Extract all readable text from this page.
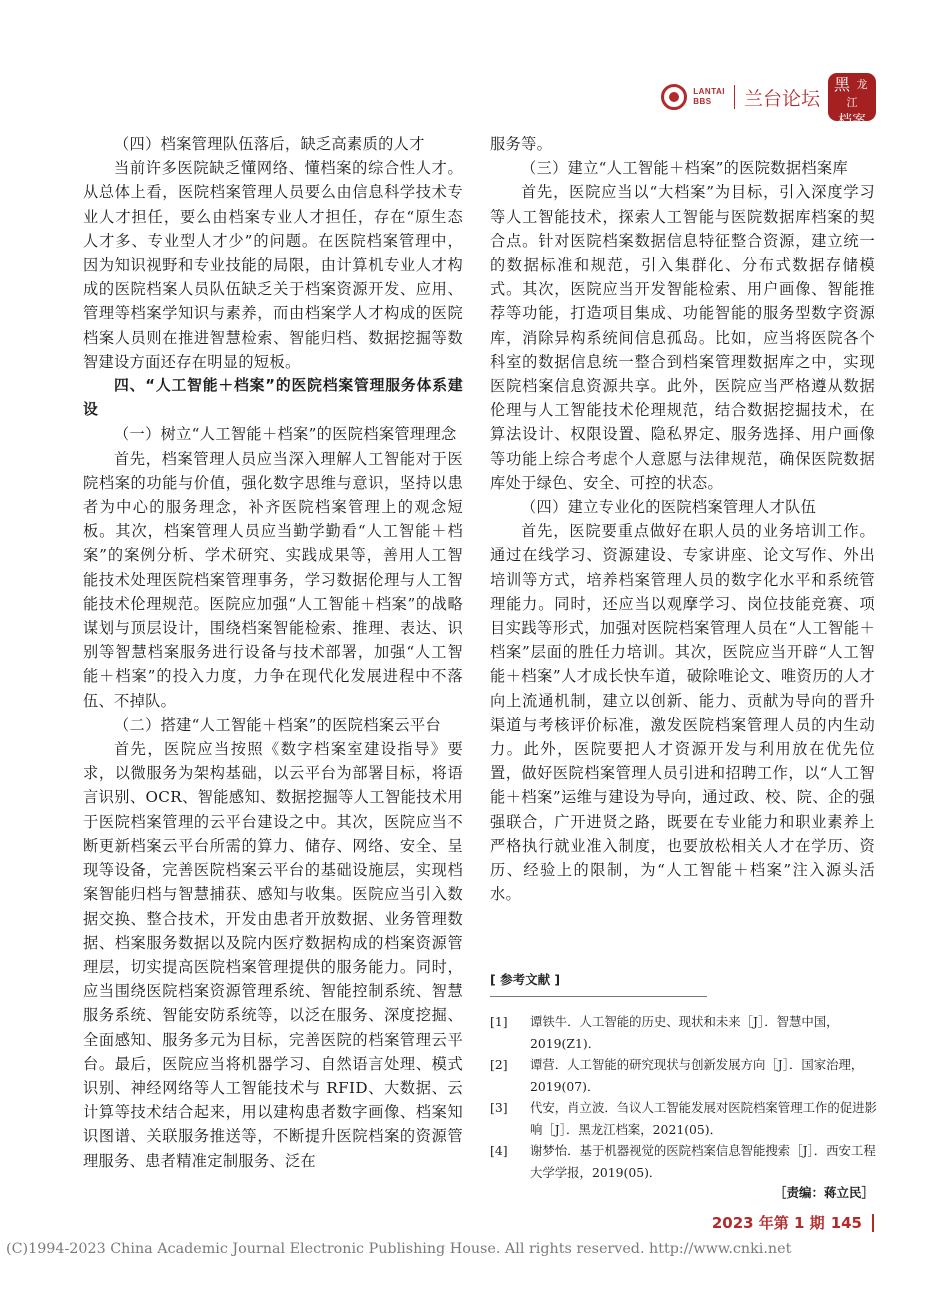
LANTAI
BBS	兰台论坛
黑 龙
江
档案

（四）档案管理队伍落后，缺乏高素质的人才

当前许多医院缺乏懂网络、懂档案的综合性人才。从总体上看，医院档案管理人员要么由信息科学技术专业人才担任，要么由档案专业人才担任，存在“原生态人才多、专业型人才少”的问题。在医院档案管理中，因为知识视野和专业技能的局限，由计算机专业人才构成的医院档案人员队伍缺乏关于档案资源开发、应用、管理等档案学知识与素养，而由档案学人才构成的医院档案人员则在推进智慧检索、智能归档、数据挖掘等数智建设方面还存在明显的短板。

四、“人工智能＋档案”的医院档案管理服务体系建设

（一）树立“人工智能＋档案”的医院档案管理理念

首先，档案管理人员应当深入理解人工智能对于医院档案的功能与价值，强化数字思维与意识，坚持以患者为中心的服务理念，补齐医院档案管理上的观念短板。其次，档案管理人员应当勤学勤看“人工智能＋档案”的案例分析、学术研究、实践成果等，善用人工智能技术处理医院档案管理事务，学习数据伦理与人工智能技术伦理规范。医院应加强“人工智能＋档案”的战略谋划与顶层设计，围绕档案智能检索、推理、表达、识别等智慧档案服务进行设备与技术部署，加强“人工智能＋档案”的投入力度，力争在现代化发展进程中不落伍、不掉队。

（二）搭建“人工智能＋档案”的医院档案云平台

首先，医院应当按照《数字档案室建设指导》要求，以微服务为架构基础，以云平台为部署目标，将语言识别、OCR、智能感知、数据挖掘等人工智能技术用于医院档案管理的云平台建设之中。其次，医院应当不断更新档案云平台所需的算力、储存、网络、安全、呈现等设备，完善医院档案云平台的基础设施层，实现档案智能归档与智慧捕获、感知与收集。医院应当引入数据交换、整合技术，开发由患者开放数据、业务管理数据、档案服务数据以及院内医疗数据构成的档案资源管理层，切实提高医院档案管理提供的服务能力。同时，应当围绕医院档案资源管理系统、智能控制系统、智慧服务系统、智能安防系统等，以泛在服务、深度挖掘、全面感知、服务多元为目标，完善医院的档案管理云平台。最后，医院应当将机器学习、自然语言处理、模式识别、神经网络等人工智能技术与 RFID、大数据、云计算等技术结合起来，用以建构患者数字画像、档案知识图谱、关联服务推送等，不断提升医院档案的资源管理服务、患者精准定制服务、泛在

服务等。

（三）建立“人工智能＋档案”的医院数据档案库

首先，医院应当以“大档案”为目标，引入深度学习等人工智能技术，探索人工智能与医院数据库档案的契合点。针对医院档案数据信息特征整合资源，建立统一的数据标准和规范，引入集群化、分布式数据存储模式。其次，医院应当开发智能检索、用户画像、智能推荐等功能，打造项目集成、功能智能的服务型数字资源库，消除异构系统间信息孤岛。比如，应当将医院各个科室的数据信息统一整合到档案管理数据库之中，实现医院档案信息资源共享。此外，医院应当严格遵从数据伦理与人工智能技术伦理规范，结合数据挖掘技术，在算法设计、权限设置、隐私界定、服务选择、用户画像等功能上综合考虑个人意愿与法律规范，确保医院数据库处于绿色、安全、可控的状态。

（四）建立专业化的医院档案管理人才队伍

首先，医院要重点做好在职人员的业务培训工作。通过在线学习、资源建设、专家讲座、论文写作、外出培训等方式，培养档案管理人员的数字化水平和系统管理能力。同时，还应当以观摩学习、岗位技能竞赛、项目实践等形式，加强对医院档案管理人员在“人工智能＋档案”层面的胜任力培训。其次，医院应当开辟“人工智能＋档案”人才成长快车道，破除唯论文、唯资历的人才向上流通机制，建立以创新、能力、贡献为导向的晋升渠道与考核评价标准，激发医院档案管理人员的内生动力。此外，医院要把人才资源开发与利用放在优先位置，做好医院档案管理人员引进和招聘工作，以“人工智能＋档案”运维与建设为导向，通过政、校、院、企的强强联合，广开进贤之路，既要在专业能力和职业素养上严格执行就业准入制度，也要放松相关人才在学历、资历、经验上的限制，为“人工智能＋档案”注入源头活水。

[ 参考文献 ]
[1]	谭铁牛．人工智能的历史、现状和未来［J］．智慧中国，2019(Z1)．
[2]	谭营．人工智能的研究现状与创新发展方向［J］．国家治理，2019(07)．
[3]	代安，肖立波．刍议人工智能发展对医院档案管理工作的促进影响［J］．黑龙江档案，2021(05)．
[4]	谢梦怡．基于机器视觉的医院档案信息智能搜索［J］．西安工程大学学报，2019(05)．
［责编：蒋立民］
2023 年第 1 期 145
(C)1994-2023 China Academic Journal Electronic Publishing House. All rights reserved. http://www.cnki.net
